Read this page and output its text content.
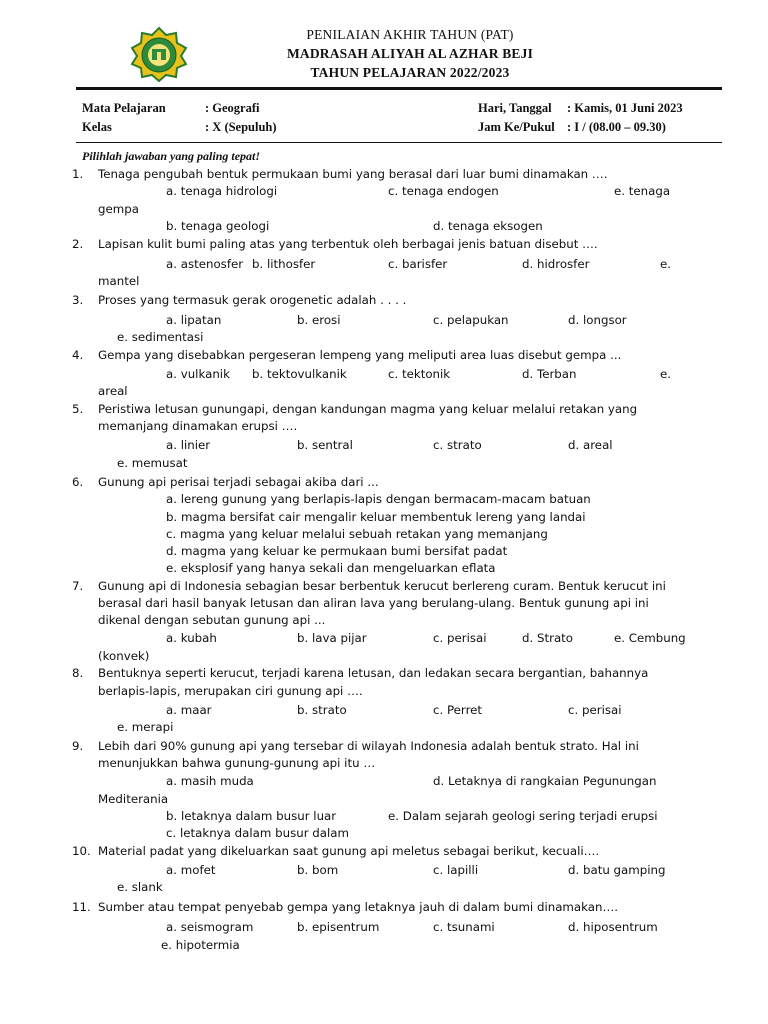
PENILAIAN AKHIR TAHUN (PAT)
MADRASAH ALIYAH AL AZHAR BEJI
TAHUN PELAJARAN 2022/2023
Mata Pelajaran	: Geografi
Kelas	: X (Sepuluh)
Hari, Tanggal : Kamis, 01 Juni 2023
Jam Ke/Pukul : I / (08.00 – 09.30)
Pilihlah jawaban yang paling tepat!
1. Tenaga pengubah bentuk permukaan bumi yang berasal dari luar bumi dinamakan ….
a. tenaga hidrologi	c. tenaga endogen	e. tenaga
gempa
b. tenaga geologi	d. tenaga eksogen
2. Lapisan kulit bumi paling atas yang terbentuk oleh berbagai jenis batuan disebut ….
a. astenosfer b. lithosfer	c. barisfer	d. hidrosfer	e.
mantel
3. Proses yang termasuk gerak orogenetic adalah . . . .
a. lipatan	b. erosi	c. pelapukan	d. longsor
e. sedimentasi
4. Gempa yang disebabkan pergeseran lempeng yang meliputi area luas disebut gempa ...
a. vulkanik b. tektovulkanik	c. tektonik	d. Terban	e.
areal
5. Peristiwa letusan gunungapi, dengan kandungan magma yang keluar melalui retakan yang
memanjang dinamakan erupsi ….
a. linier	b. sentral	c. strato	d. areal
e. memusat
6. Gunung api perisai terjadi sebagai akiba dari ...
a. lereng gunung yang berlapis-lapis dengan bermacam-macam batuan
b. magma bersifat cair mengalir keluar membentuk lereng yang landai
c. magma yang keluar melalui sebuah retakan yang memanjang
d. magma yang keluar ke permukaan bumi bersifat padat
e. eksplosif yang hanya sekali dan mengeluarkan eflata
7. Gunung api di Indonesia sebagian besar berbentuk kerucut berlereng curam. Bentuk kerucut ini
berasal dari hasil banyak letusan dan aliran lava yang berulang-ulang. Bentuk gunung api ini
dikenal dengan sebutan gunung api ...
a. kubah	b. lava pijar	c. perisai	d. Strato	e. Cembung
(konvek)
8. Bentuknya seperti kerucut, terjadi karena letusan, dan ledakan secara bergantian, bahannya
berlapis-lapis, merupakan ciri gunung api ….
a. maar	b. strato	c. Perret	c. perisai
e. merapi
9. Lebih dari 90% gunung api yang tersebar di wilayah Indonesia adalah bentuk strato. Hal ini
menunjukkan bahwa gunung-gunung api itu …
a. masih muda	d. Letaknya di rangkaian Pegunungan
Mediterania
b. letaknya dalam busur luar	e. Dalam sejarah geologi sering terjadi erupsi
c. letaknya dalam busur dalam
10. Material padat yang dikeluarkan saat gunung api meletus sebagai berikut, kecuali….
a. mofet	b. bom	c. lapilli	d. batu gamping
e. slank
11. Sumber atau tempat penyebab gempa yang letaknya jauh di dalam bumi dinamakan….
a. seismogram	b. episentrum	c. tsunami	d. hiposentrum
e. hipotermia
